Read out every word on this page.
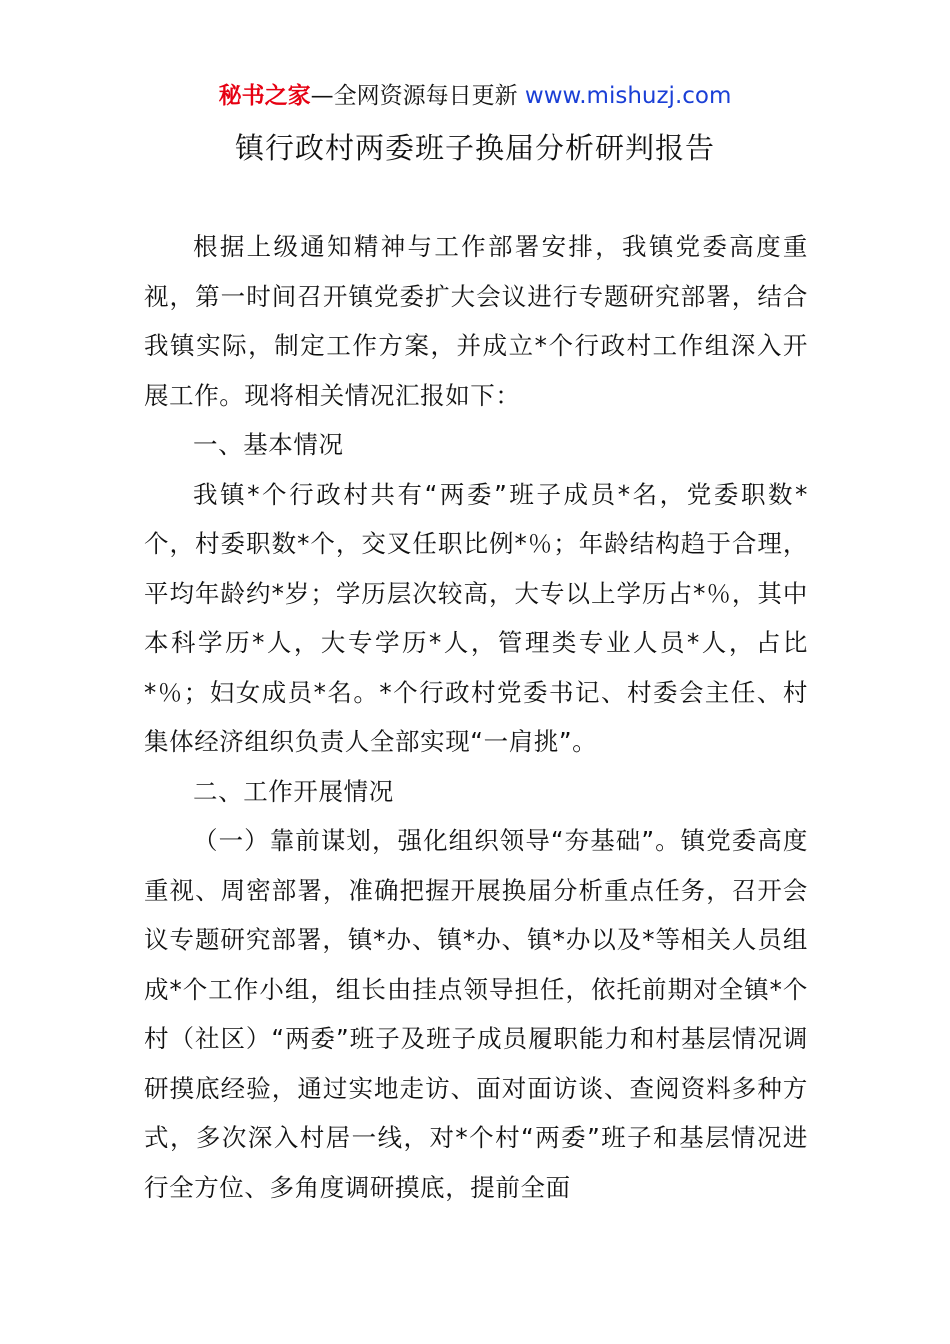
秘书之家—全网资源每日更新 www.mishuzj.com
镇行政村两委班子换届分析研判报告

根据上级通知精神与工作部署安排，我镇党委高度重视，第一时间召开镇党委扩大会议进行专题研究部署，结合我镇实际，制定工作方案，并成立*个行政村工作组深入开展工作。现将相关情况汇报如下：

一、基本情况

我镇*个行政村共有“两委”班子成员*名，党委职数*个，村委职数*个，交叉任职比例*％；年龄结构趋于合理，平均年龄约*岁；学历层次较高，大专以上学历占*％，其中本科学历*人，大专学历*人，管理类专业人员*人，占比*％；妇女成员*名。*个行政村党委书记、村委会主任、村集体经济组织负责人全部实现“一肩挑”。

二、工作开展情况

（一）靠前谋划，强化组织领导“夯基础”。镇党委高度重视、周密部署，准确把握开展换届分析重点任务，召开会议专题研究部署，镇*办、镇*办、镇*办以及*等相关人员组成*个工作小组，组长由挂点领导担任，依托前期对全镇*个村（社区）“两委”班子及班子成员履职能力和村基层情况调研摸底经验，通过实地走访、面对面访谈、查阅资料多种方式，多次深入村居一线，对*个村“两委”班子和基层情况进行全方位、多角度调研摸底，提前全面
